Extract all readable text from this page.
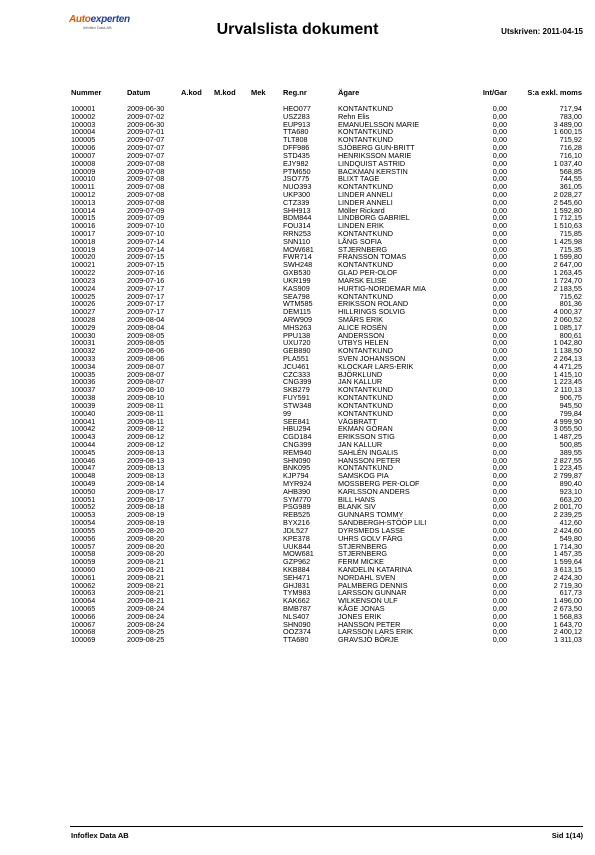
Autoexperten
Infoflex Data AB	Urvalslista dokument	Utskriven: 2011-04-15
Nummer	Datum	A.kod M.kod Mek Reg.nr	Ägare	Int/Gar	S:a exkl. moms
100001	2009-06-30	HEO077	KONTANTKUND	0,00	717,94
100002	2009-07-02	USZ283	Rehn Elis	0,00	783,00
100003	2009-06-30	EUP913	EMANUELSSON MARIE	0,00	3 489,00
100004	2009-07-01	TTA680	KONTANTKUND	0,00	1 600,15
100005	2009-07-07	TLT808	KONTANTKUND	0,00	715,92
100006	2009-07-07	DFF986	SJÖBERG GUN-BRITT	0,00	716,28
100007	2009-07-07	STD435	HENRIKSSON MARIE	0,00	716,10
100008	2009-07-08	EJY982	LINDQUIST ASTRID	0,00	1 037,40
100009	2009-07-08	PTM650	BACKMAN KERSTIN	0,00	568,85
100010	2009-07-08	JSO775	BLIXT TAGE	0,00	744,55
100011	2009-07-08	NUO393	KONTANTKUND	0,00	361,05
100012	2009-07-08	UKP300	LINDER ANNELI	0,00	2 028,27
100013	2009-07-08	CTZ339	LINDER ANNELI	0,00	2 545,60
100014	2009-07-09	SHH913	Möller Rickard	0,00	1 592,80
100015	2009-07-09	BDM844	LINDBORG GABRIEL	0,00	1 712,15
100016	2009-07-10	FOU314	LINDEN ERIK	0,00	1 510,63
100017	2009-07-10	RRN253	KONTANTKUND	0,00	715,85
100018	2009-07-14	SNN110	LÅNG SOFIA	0,00	1 425,98
100019	2009-07-14	MOW681	STJERNBERG	0,00	715,35
100020	2009-07-15	FWR714	FRANSSON TOMAS	0,00	1 599,80
100021	2009-07-15	SWH248	KONTANTKUND	0,00	2 647,00
100022	2009-07-16	GXB530	GLAD PER-OLOF	0,00	1 263,45
100023	2009-07-16	UKR199	MARSK ELISE	0,00	1 724,70
100024	2009-07-17	KAS909	HURTIG-NORDEMAR MIA	0,00	2 183,55
100025	2009-07-17	SEA798	KONTANTKUND	0,00	715,62
100026	2009-07-17	WTM585	ERIKSSON ROLAND	0,00	801,36
100027	2009-07-17	DEM115	HILLRINGS SOLVIG	0,00	4 000,37
100028	2009-08-04	ARW909	SMÄRS ERIK	0,00	2 060,52
100029	2009-08-04	MHS263	ALICE ROSÉN	0,00	1 085,17
100030	2009-08-05	PPU138	ANDERSSON	0,00	800,61
100031	2009-08-05	UXU720	UTBYS HELEN	0,00	1 042,80
100032	2009-08-06	GEB890	KONTANTKUND	0,00	1 138,50
100033	2009-08-06	PLA551	SVEN JOHANSSON	0,00	2 264,13
100034	2009-08-07	JCU461	KLOCKAR LARS-ERIK	0,00	4 471,25
100035	2009-08-07	CZC333	BJÖRKLUND	0,00	1 415,10
100036	2009-08-07	CNG399	JAN KALLUR	0,00	1 223,45
100037	2009-08-10	SKB279	KONTANTKUND	0,00	2 110,13
100038	2009-08-10	FUY591	KONTANTKUND	0,00	906,75
100039	2009-08-11	STW348	KONTANTKUND	0,00	945,50
100040	2009-08-11	99	KONTANTKUND	0,00	799,84
100041	2009-08-11	SEE841	VÄGBRATT	0,00	4 999,90
100042	2009-08-12	HBU294	EKMAN GÖRAN	0,00	3 055,50
100043	2009-08-12	CGD184	ERIKSSON STIG	0,00	1 487,25
100044	2009-08-12	CNG399	JAN KALLUR	0,00	500,85
100045	2009-08-13	REM940	SAHLÉN INGALIS	0,00	389,55
100046	2009-08-13	SHN090	HANSSON PETER	0,00	2 827,55
100047	2009-08-13	BNK095	KONTANTKUND	0,00	1 223,45
100048	2009-08-13	KJP794	SAMSKOG PIA	0,00	2 799,87
100049	2009-08-14	MYR924	MOSSBERG PER-OLOF	0,00	890,40
100050	2009-08-17	AHB390	KARLSSON ANDERS	0,00	923,10
100051	2009-08-17	SYM770	BILL HANS	0,00	663,20
100052	2009-08-18	PSG989	BLANK SIV	0,00	2 001,70
100053	2009-08-19	REB525	GUNNARS TOMMY	0,00	2 239,25
100054	2009-08-19	BYX216	SANDBERGH-STÖÖP LILI	0,00	412,60
100055	2009-08-20	JDL527	DYRSMEDS LASSE	0,00	2 424,60
100056	2009-08-20	KPE378	UHRS GOLV FÄRG	0,00	549,80
100057	2009-08-20	UUK844	STJERNBERG	0,00	1 714,30
100058	2009-08-20	MOW681	STJERNBERG	0,00	1 457,35
100059	2009-08-21	GZP962	FERM MICKE	0,00	1 599,64
100060	2009-08-21	KKB884	KANDELIN KATARINA	0,00	3 613,15
100061	2009-08-21	SEH471	NORDAHL SVEN	0,00	2 424,30
100062	2009-08-21	GHJ831	PALMBERG DENNIS	0,00	2 719,30
100063	2009-08-21	TYM983	LARSSON GUNNAR	0,00	617,73
100064	2009-08-21	KAK662	WILKENSON ULF	0,00	1 496,00
100065	2009-08-24	BMB787	KÅGE JONAS	0,00	2 673,50
100066	2009-08-24	NLS407	JONES ERIK	0,00	1 568,83
100067	2009-08-24	SHN090	HANSSON PETER	0,00	1 643,70
100068	2009-08-25	OOZ374	LARSSON LARS ERIK	0,00	2 400,12
100069	2009-08-25	TTA680	GRAVSJÖ BÖRJE	0,00	1 311,03
Infoflex Data AB	Sid 1(14)
